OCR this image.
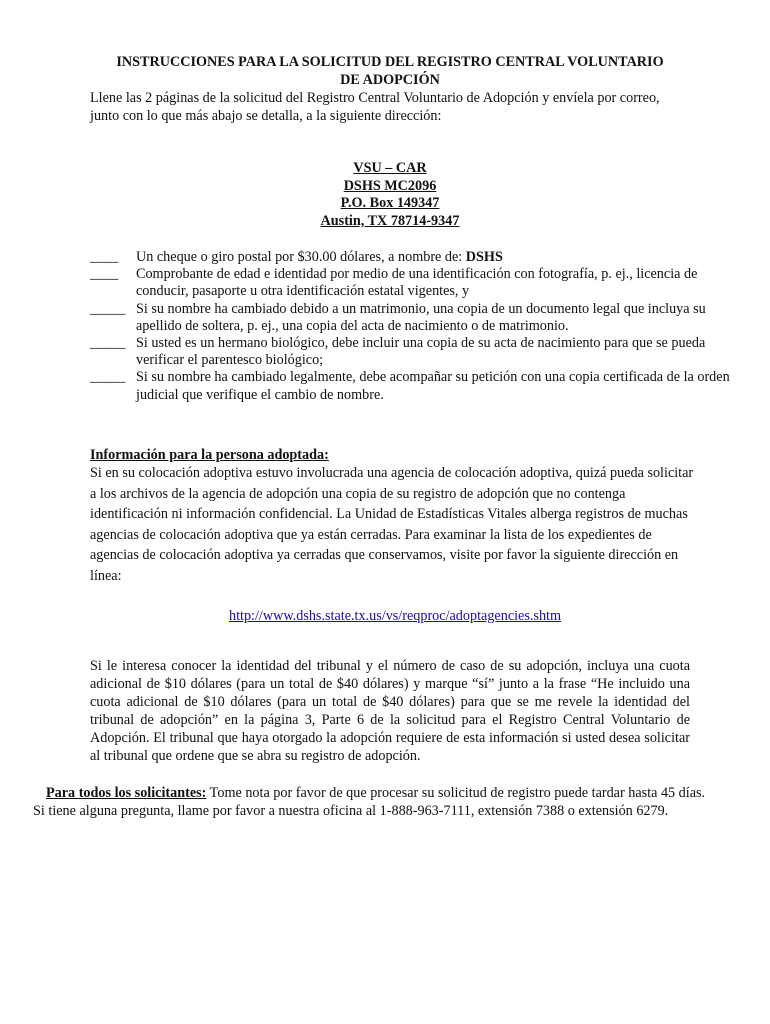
INSTRUCCIONES PARA LA SOLICITUD DEL REGISTRO CENTRAL VOLUNTARIO
DE ADOPCIÓN

Llene las 2 páginas de la solicitud del Registro Central Voluntario de Adopción y envíela por correo, junto con lo que más abajo se detalla, a la siguiente dirección:

VSU – CAR
DSHS MC2096
P.O. Box 149347
Austin, TX 78714-9347
____	Un cheque o giro postal por $30.00 dólares, a nombre de: DSHS
____	Comprobante de edad e identidad por medio de una identificación con fotografía, p. ej., licencia de conducir, pasaporte u otra identificación estatal vigentes, y
_____ Si su nombre ha cambiado debido a un matrimonio, una copia de un documento legal que incluya su apellido de soltera, p. ej., una copia del acta de nacimiento o de matrimonio.
_____ Si usted es un hermano biológico, debe incluir una copia de su acta de nacimiento para que se pueda verificar el parentesco biológico;
_____ Si su nombre ha cambiado legalmente, debe acompañar su petición con una copia certificada de la orden judicial que verifique el cambio de nombre.
Información para la persona adoptada:

Si en su colocación adoptiva estuvo involucrada una agencia de colocación adoptiva, quizá pueda solicitar a los archivos de la agencia de adopción una copia de su registro de adopción que no contenga identificación ni información confidencial. La Unidad de Estadísticas Vitales alberga registros de muchas agencias de colocación adoptiva que ya están cerradas. Para examinar la lista de los expedientes de agencias de colocación adoptiva ya cerradas que conservamos, visite por favor la siguiente dirección en línea:

http://www.dshs.state.tx.us/vs/reqproc/adoptagencies.shtm

Si le interesa conocer la identidad del tribunal y el número de caso de su adopción, incluya una cuota adicional de $10 dólares (para un total de $40 dólares) y marque “sí” junto a la frase “He incluido una cuota adicional de $10 dólares (para un total de $40 dólares) para que se me revele la identidad del tribunal de adopción” en la página 3, Parte 6 de la solicitud para el Registro Central Voluntario de Adopción. El tribunal que haya otorgado la adopción requiere de esta información si usted desea solicitar al tribunal que ordene que se abra su registro de adopción.

Para todos los solicitantes: Tome nota por favor de que procesar su solicitud de registro puede tardar hasta 45 días. Si tiene alguna pregunta, llame por favor a nuestra oficina al 1-888-963-7111, extensión 7388 o extensión 6279.
